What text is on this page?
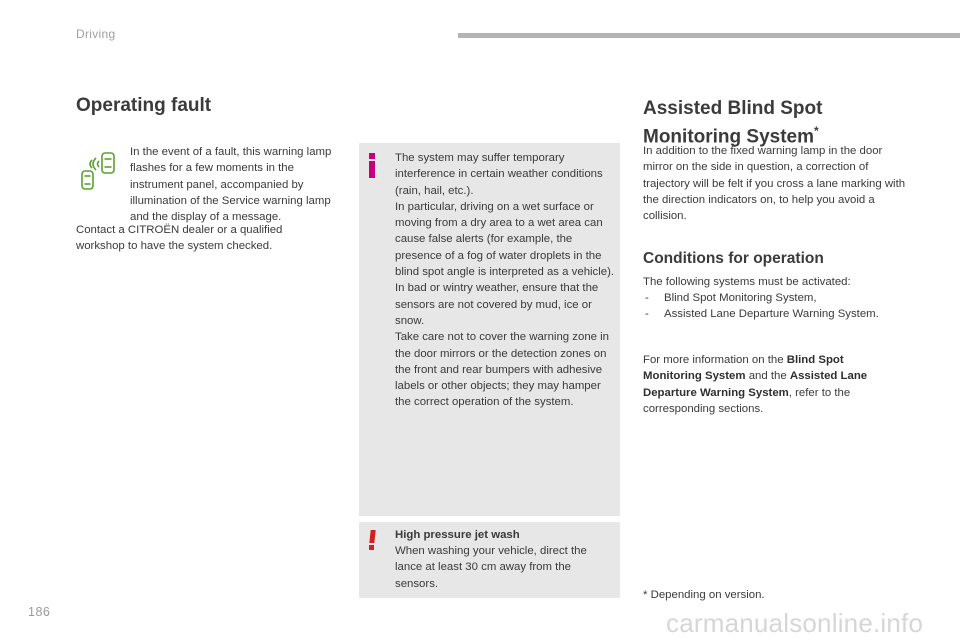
Driving
Operating fault
In the event of a fault, this warning lamp flashes for a few moments in the instrument panel, accompanied by illumination of the Service warning lamp and the display of a message.
Contact a CITROËN dealer or a qualified workshop to have the system checked.
The system may suffer temporary interference in certain weather conditions (rain, hail, etc.).
In particular, driving on a wet surface or moving from a dry area to a wet area can cause false alerts (for example, the presence of a fog of water droplets in the blind spot angle is interpreted as a vehicle).
In bad or wintry weather, ensure that the sensors are not covered by mud, ice or snow.
Take care not to cover the warning zone in the door mirrors or the detection zones on the front and rear bumpers with adhesive labels or other objects; they may hamper the correct operation of the system.
High pressure jet wash
When washing your vehicle, direct the lance at least 30 cm away from the sensors.
Assisted Blind Spot
Monitoring System*
In addition to the fixed warning lamp in the door mirror on the side in question, a correction of trajectory will be felt if you cross a lane marking with the direction indicators on, to help you avoid a collision.
Conditions for operation
The following systems must be activated:
- Blind Spot Monitoring System,
- Assisted Lane Departure Warning System.
For more information on the Blind Spot Monitoring System and the Assisted Lane Departure Warning System, refer to the corresponding sections.
* Depending on version.
186	carmanualsonline.info
